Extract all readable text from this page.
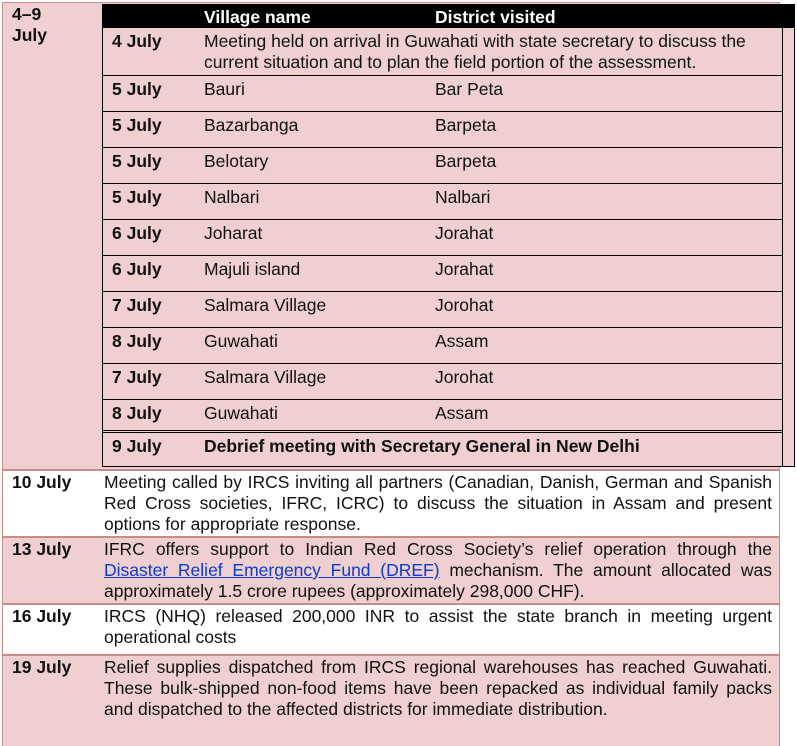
4–9
July
Village name	District visited
4 July Meeting held on arrival in Guwahati with state secretary to discuss the current situation and to plan the field portion of the assessment.
5 July Bauri	Bar Peta
5 July Bazarbanga	Barpeta
5 July Belotary	Barpeta
5 July Nalbari	Nalbari
6 July Joharat	Jorahat
6 July Majuli island	Jorahat
7 July Salmara Village	Jorohat
8 July Guwahati	Assam
7 July Salmara Village	Jorohat
8 July Guwahati	Assam
9 July Debrief meeting with Secretary General in New Delhi
10 July Meeting called by IRCS inviting all partners (Canadian, Danish, German and Spanish Red Cross societies, IFRC, ICRC) to discuss the situation in Assam and present options for appropriate response.
13 July IFRC offers support to Indian Red Cross Society’s relief operation through the Disaster Relief Emergency Fund (DREF) mechanism. The amount allocated was approximately 1.5 crore rupees (approximately 298,000 CHF).
16 July IRCS (NHQ) released 200,000 INR to assist the state branch in meeting urgent operational costs
19 July Relief supplies dispatched from IRCS regional warehouses has reached Guwahati. These bulk-shipped non-food items have been repacked as individual family packs and dispatched to the affected districts for immediate distribution.
